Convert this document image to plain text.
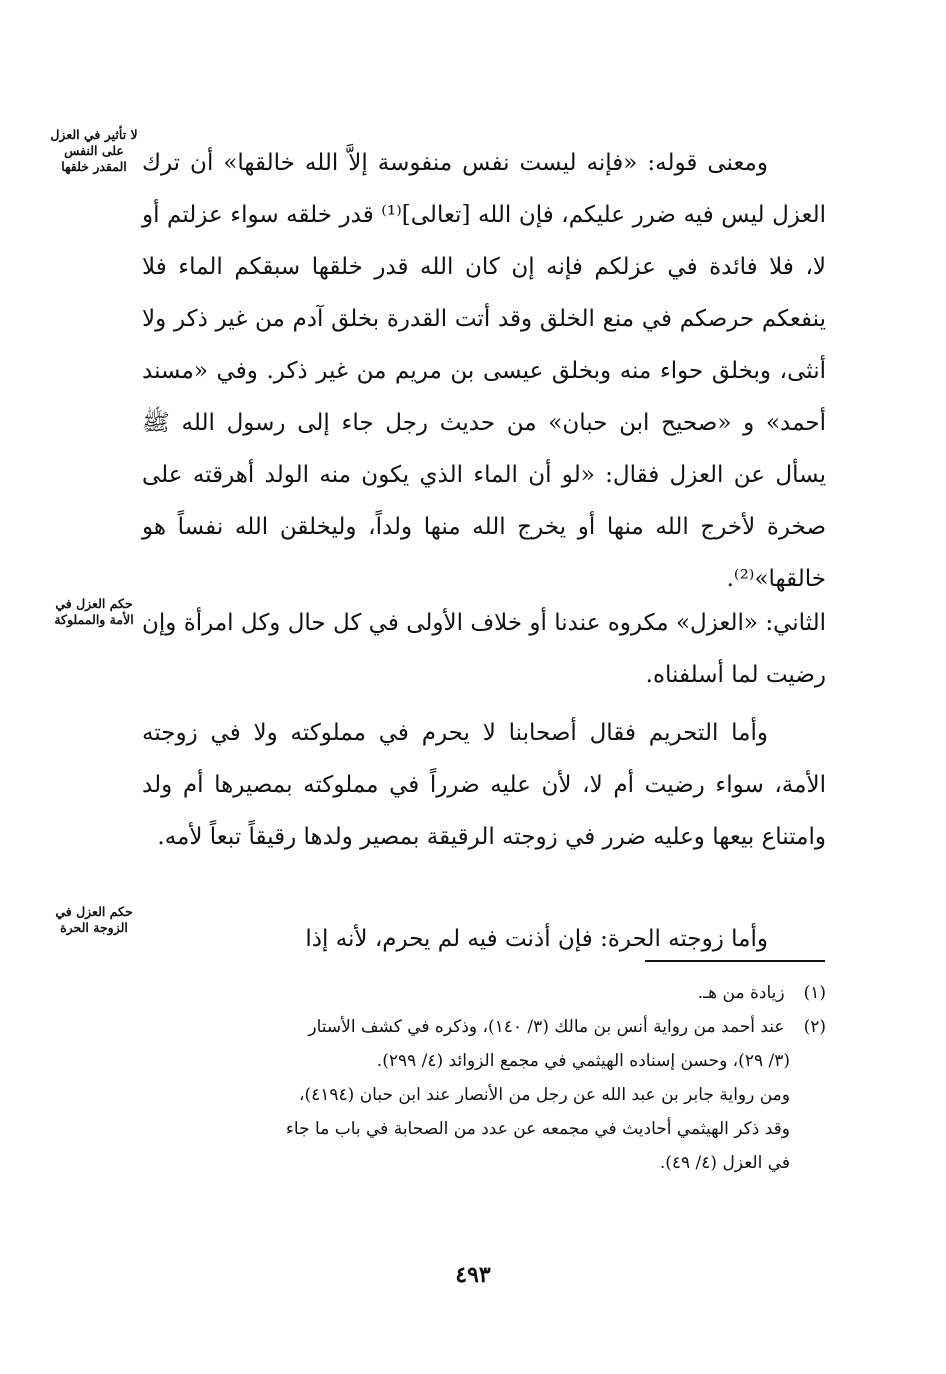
لا تأثير في العزل على النفس المقدر خلقها
حكم العزل في الأمة والمملوكة
حكم العزل في الزوجة الحرة

ومعنى قوله: «فإنه ليست نفس منفوسة إلاَّ الله خالقها» أن ترك العزل ليس فيه ضرر عليكم، فإن الله [تعالى]⁽¹⁾ قدر خلقه سواء عزلتم أو لا، فلا فائدة في عزلكم فإنه إن كان الله قدر خلقها سبقكم الماء فلا ينفعكم حرصكم في منع الخلق وقد أتت القدرة بخلق آدم من غير ذكر ولا أنثى، وبخلق حواء منه وبخلق عيسى بن مريم من غير ذكر. وفي «مسند أحمد» و «صحيح ابن حبان» من حديث رجل جاء إلى رسول الله ﷺ يسأل عن العزل فقال: «لو أن الماء الذي يكون منه الولد أهرقته على صخرة لأخرج الله منها أو يخرج الله منها ولداً، وليخلقن الله نفساً هو خالقها»⁽²⁾.

الثاني: «العزل» مكروه عندنا أو خلاف الأولى في كل حال وكل امرأة وإن رضيت لما أسلفناه.

وأما التحريم فقال أصحابنا لا يحرم في مملوكته ولا في زوجته الأمة، سواء رضيت أم لا، لأن عليه ضرراً في مملوكته بمصيرها أم ولد وامتناع بيعها وعليه ضرر في زوجته الرقيقة بمصير ولدها رقيقاً تبعاً لأمه.

وأما زوجته الحرة: فإن أذنت فيه لم يحرم، لأنه إذا

(١) زيادة من هـ.
(٢) عند أحمد من رواية أنس بن مالك (٣/ ١٤٠)، وذكره في كشف الأستار
(٣/ ٢٩)، وحسن إسناده الهيثمي في مجمع الزوائد (٤/ ٢٩٩).
ومن رواية جابر بن عبد الله عن رجل من الأنصار عند ابن حبان (٤١٩٤)،
وقد ذكر الهيثمي أحاديث في مجمعه عن عدد من الصحابة في باب ما جاء
في العزل (٤/ ٤٩).
٤٩٣
